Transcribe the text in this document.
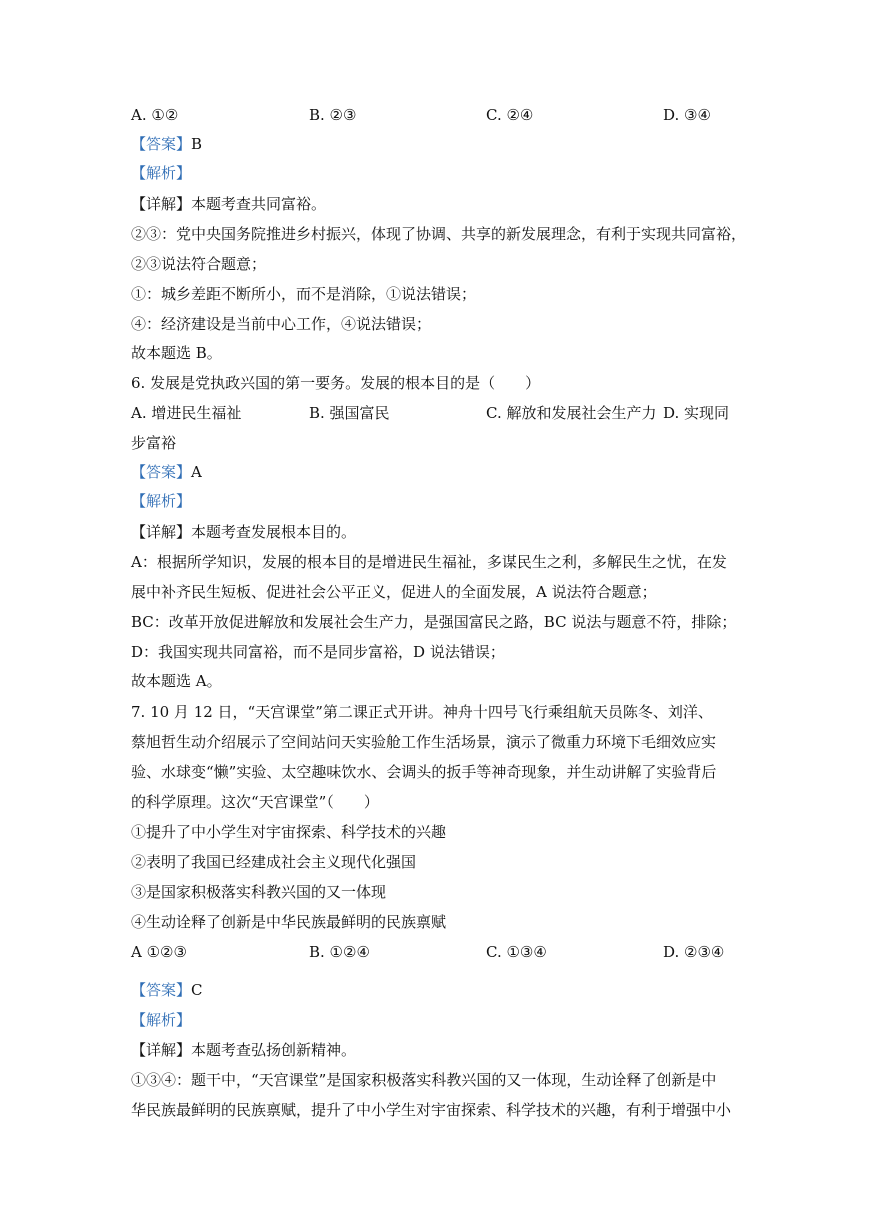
A. ①②	B. ②③	C. ②④	D. ③④
【答案】B
【解析】
【详解】本题考查共同富裕。
②③：党中央国务院推进乡村振兴，体现了协调、共享的新发展理念，有利于实现共同富裕，
②③说法符合题意；
①：城乡差距不断所小，而不是消除，①说法错误；
④：经济建设是当前中心工作，④说法错误；
故本题选 B。
6. 发展是党执政兴国的第一要务。发展的根本目的是（　　）
A. 增进民生福祉	B. 强国富民	C. 解放和发展社会生产力 D. 实现同
步富裕
【答案】A
【解析】
【详解】本题考查发展根本目的。
A：根据所学知识，发展的根本目的是增进民生福祉，多谋民生之利，多解民生之忧，在发
展中补齐民生短板、促进社会公平正义，促进人的全面发展，A 说法符合题意；
BC：改革开放促进解放和发展社会生产力，是强国富民之路，BC 说法与题意不符，排除；
D：我国实现共同富裕，而不是同步富裕，D 说法错误；
故本题选 A。
7. 10 月 12 日，“天宫课堂”第二课正式开讲。神舟十四号飞行乘组航天员陈冬、刘洋、
蔡旭哲生动介绍展示了空间站问天实验舱工作生活场景，演示了微重力环境下毛细效应实
验、水球变“懒”实验、太空趣味饮水、会调头的扳手等神奇现象，并生动讲解了实验背后
的科学原理。这次“天宫课堂”（　　）
①提升了中小学生对宇宙探索、科学技术的兴趣
②表明了我国已经建成社会主义现代化强国
③是国家积极落实科教兴国的又一体现
④生动诠释了创新是中华民族最鲜明的民族禀赋
A ①②③	B. ①②④	C. ①③④	D. ②③④
【答案】C
【解析】
【详解】本题考查弘扬创新精神。
①③④：题干中，“天宫课堂”是国家积极落实科教兴国的又一体现，生动诠释了创新是中
华民族最鲜明的民族禀赋，提升了中小学生对宇宙探索、科学技术的兴趣，有利于增强中小
